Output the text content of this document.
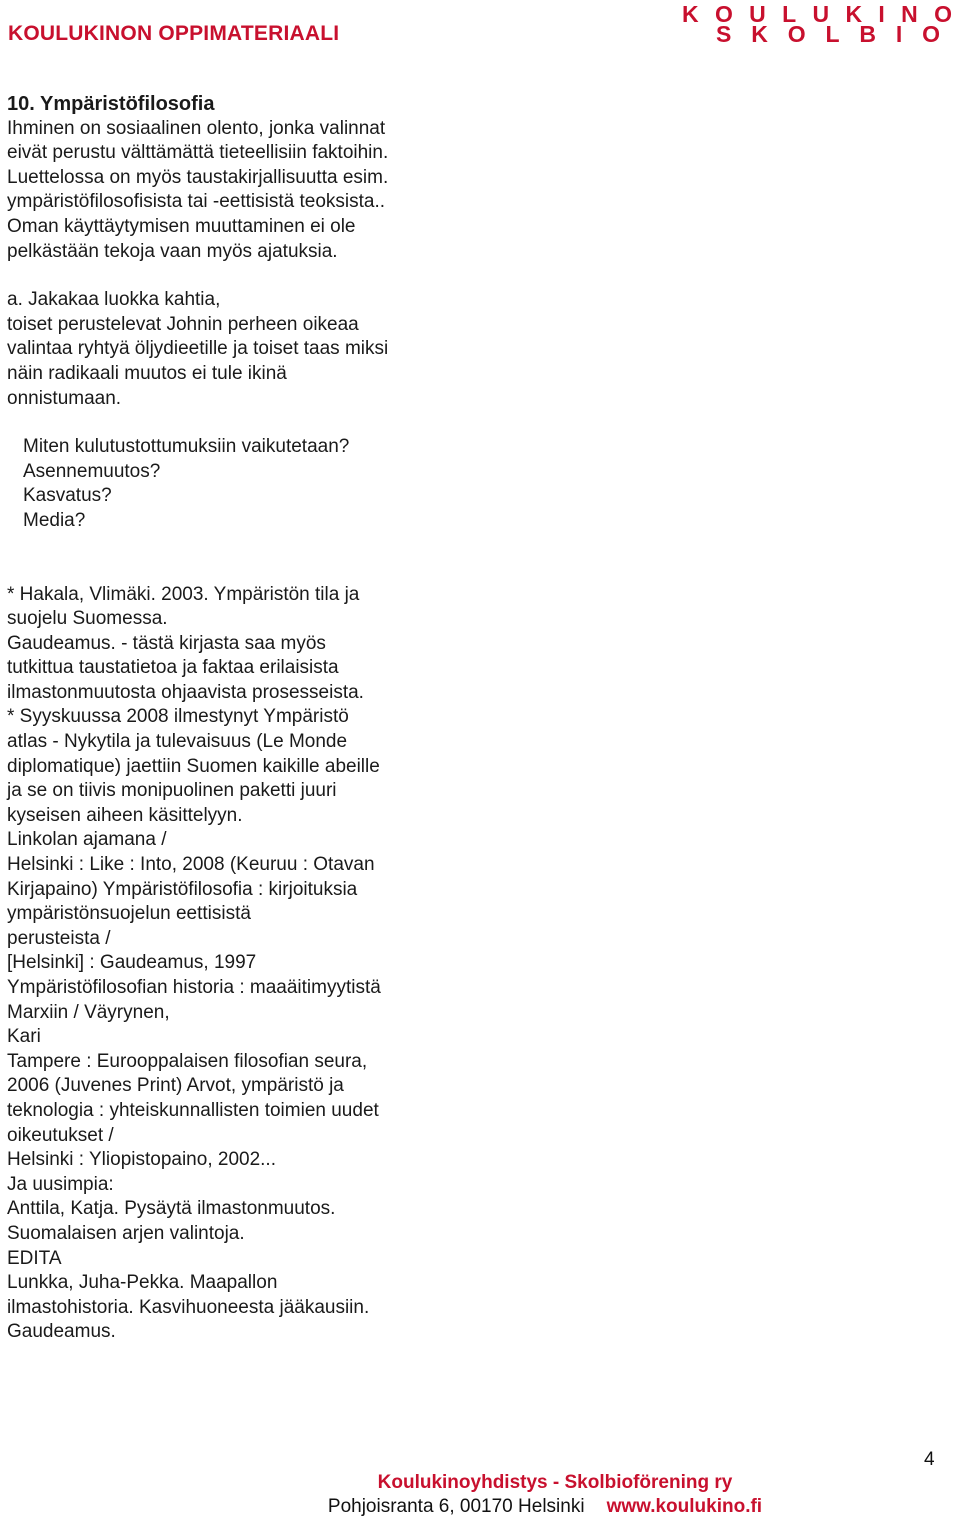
KOULUKINON OPPIMATERIAALI
K O U L U K I N O
S K O L B I O
10. Ympäristöfilosofia
Ihminen on sosiaalinen olento, jonka valinnat
eivät perustu välttämättä tieteellisiin faktoihin.
Luettelossa on myös taustakirjallisuutta esim.
ympäristöfilosofisista tai -eettisistä teoksista..
Oman käyttäytymisen muuttaminen ei ole
pelkästään tekoja vaan myös ajatuksia.
a. Jakakaa luokka kahtia,
toiset perustelevat Johnin perheen oikeaa
valintaa ryhtyä öljydieetille ja toiset taas miksi
näin radikaali muutos ei tule ikinä
onnistumaan.
Miten kulutustottumuksiin vaikutetaan?
Asennemuutos?
Kasvatus?
Media?
* Hakala, Vlimäki. 2003. Ympäristön tila ja
suojelu Suomessa.
Gaudeamus. - tästä kirjasta saa myös
tutkittua taustatietoa ja faktaa erilaisista
ilmastonmuutosta ohjaavista prosesseista.
* Syyskuussa 2008 ilmestynyt Ympäristö
atlas - Nykytila ja tulevaisuus (Le Monde
diplomatique) jaettiin Suomen kaikille abeille
ja se on tiivis monipuolinen paketti juuri
kyseisen aiheen käsittelyyn.
Linkolan ajamana /
Helsinki : Like : Into, 2008 (Keuruu : Otavan
Kirjapaino) Ympäristöfilosofia : kirjoituksia
ympäristönsuojelun eettisistä
perusteista /
[Helsinki] : Gaudeamus, 1997
Ympäristöfilosofian historia : maaäitimyytistä
Marxiin / Väyrynen,
Kari
Tampere : Eurooppalaisen filosofian seura,
2006 (Juvenes Print) Arvot, ympäristö ja
teknologia : yhteiskunnallisten toimien uudet
oikeutukset /
Helsinki : Yliopistopaino, 2002...
Ja uusimpia:
Anttila, Katja. Pysäytä ilmastonmuutos.
Suomalaisen arjen valintoja.
EDITA
Lunkka, Juha-Pekka. Maapallon
ilmastohistoria. Kasvihuoneesta jääkausiin.
Gaudeamus.
4
Koulukinoyhdistys - Skolbioförening ry
Pohjoisranta 6, 00170 Helsinki www.koulukino.fi
